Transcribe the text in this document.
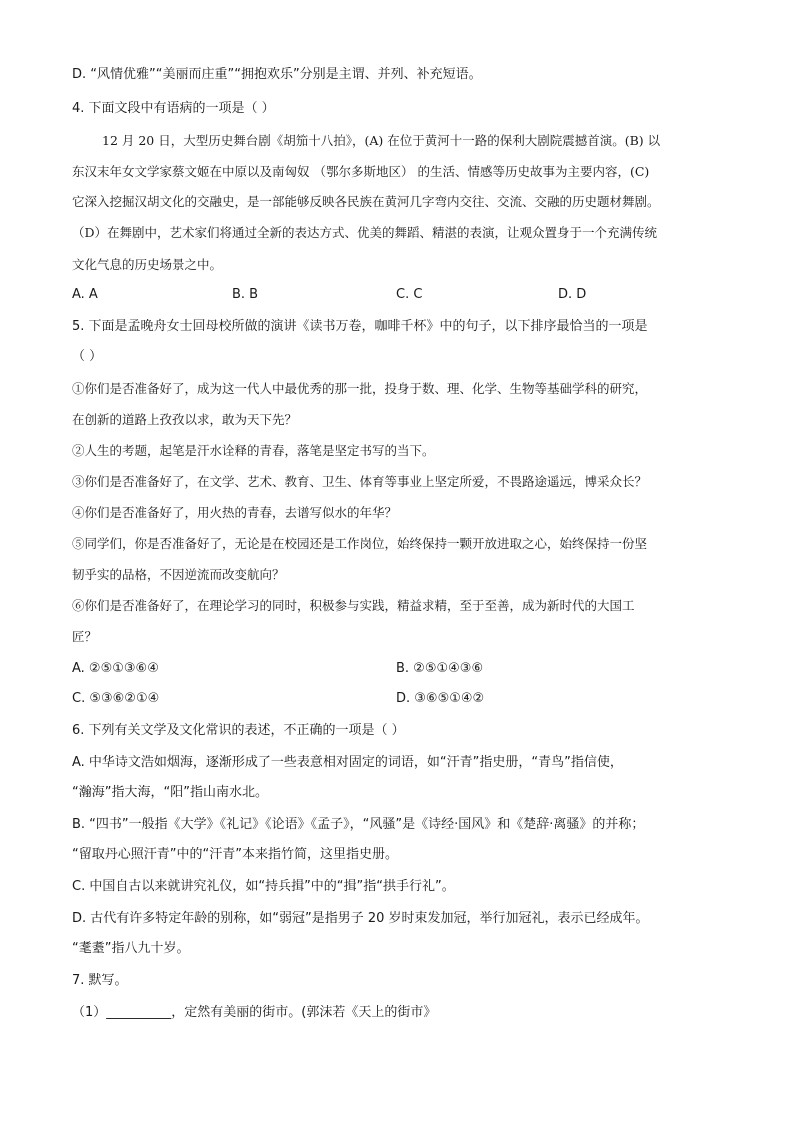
D. “风情优雅”“美丽而庄重”“拥抱欢乐”分别是主谓、并列、补充短语。
4. 下面文段中有语病的一项是（ ）
12 月 20 日，大型历史舞台剧《胡笳十八拍》，(A) 在位于黄河十一路的保利大剧院震撼首演。(B) 以
东汉末年女文学家蔡文姬在中原以及南匈奴 （鄂尔多斯地区） 的生活、情感等历史故事为主要内容，(C)
它深入挖掘汉胡文化的交融史，是一部能够反映各民族在黄河几字弯内交往、交流、交融的历史题材舞剧。
（D）在舞剧中，艺术家们将通过全新的表达方式、优美的舞蹈、精湛的表演，让观众置身于一个充满传统
文化气息的历史场景之中。
A. A	B. B	C. C	D. D
5. 下面是孟晚舟女士回母校所做的演讲《读书万卷，咖啡千杯》中的句子，以下排序最恰当的一项是
（ ）
①你们是否准备好了，成为这一代人中最优秀的那一批，投身于数、理、化学、生物等基础学科的研究，
在创新的道路上孜孜以求，敢为天下先？
②人生的考题，起笔是汗水诠释的青春，落笔是坚定书写的当下。
③你们是否准备好了，在文学、艺术、教育、卫生、体育等事业上坚定所爱，不畏路途遥远，博采众长？
④你们是否准备好了，用火热的青春，去谱写似水的年华？
⑤同学们，你是否准备好了，无论是在校园还是工作岗位，始终保持一颗开放进取之心，始终保持一份坚
韧乎实的品格，不因逆流而改变航向？
⑥你们是否准备好了，在理论学习的同时，积极参与实践，精益求精，至于至善，成为新时代的大国工
匠？
A. ②⑤①③⑥④	B. ②⑤①④③⑥
C. ⑤③⑥②①④	D. ③⑥⑤①④②
6. 下列有关文学及文化常识的表述，不正确的一项是（ ）
A. 中华诗文浩如烟海，逐渐形成了一些表意相对固定的词语，如“汗青”指史册，“青鸟”指信使，
“瀚海”指大海，“阳”指山南水北。
B. “四书”一般指《大学》《礼记》《论语》《孟子》，“风骚”是《诗经·国风》和《楚辞·离骚》的并称；
“留取丹心照汗青”中的“汗青”本来指竹简，这里指史册。
C. 中国自古以来就讲究礼仪，如“持兵揖”中的“揖”指“拱手行礼”。
D. 古代有许多特定年龄的别称，如“弱冠”是指男子 20 岁时束发加冠，举行加冠礼，表示已经成年。
“耄耋”指八九十岁。
7. 默写。
（1）__________，定然有美丽的街市。(郭沫若《天上的街市》
